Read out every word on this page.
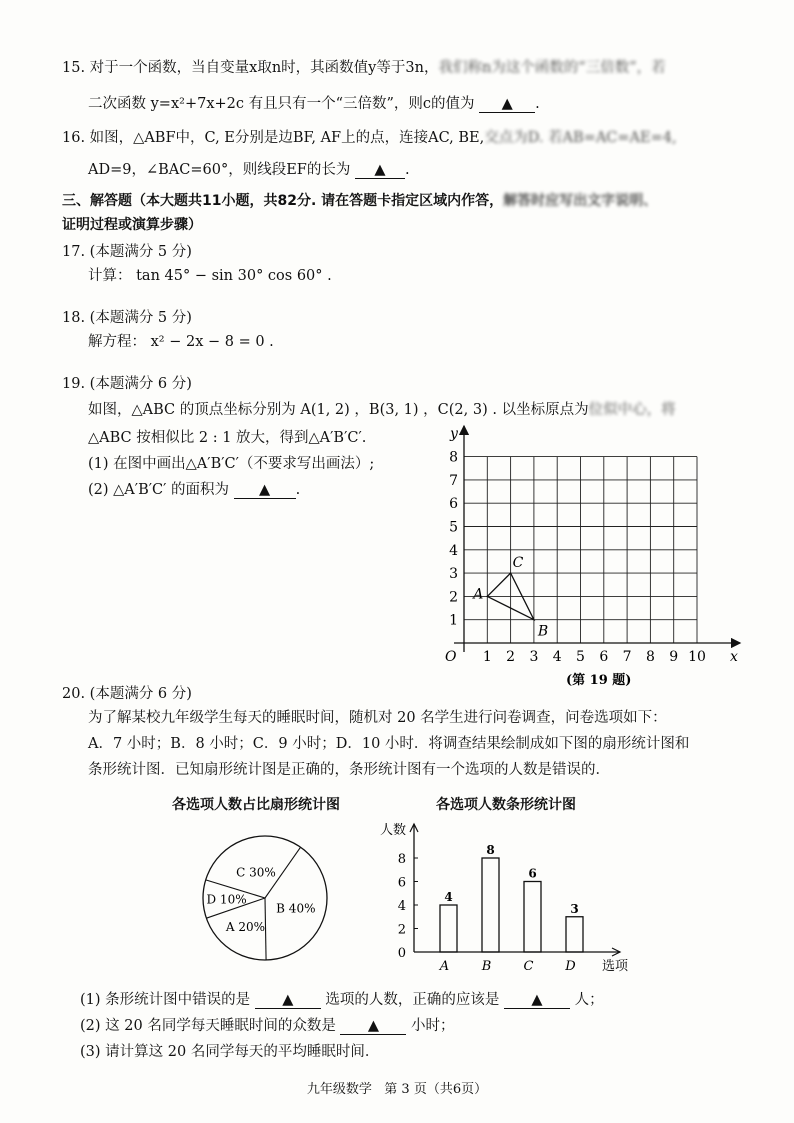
15. 对于一个函数，当自变量x取n时，其函数值y等于3n，我们称n为这个函数的“三倍数”，若
二次函数 y=x²+7x+2c 有且只有一个“三倍数”，则c的值为 ▲ .
16. 如图，△ABF中，C, E分别是边BF, AF上的点，连接AC, BE,交点为D. 若AB=AC=AE=4,
AD=9，∠BAC=60°，则线段EF的长为 ▲ .
三、解答题（本大题共11小题，共82分. 请在答题卡指定区域内作答，解答时应写出文字说明、
证明过程或演算步骤）
17. (本题满分 5 分)
计算： tan 45° − sin 30° cos 60° .
18. (本题满分 5 分)
解方程： x² − 2x − 8 = 0 .
19. (本题满分 6 分)
如图，△ABC 的顶点坐标分别为 A(1, 2) ，B(3, 1) ，C(2, 3) . 以坐标原点为位似中心，将
△ABC 按相似比 2 : 1 放大，得到△A′B′C′.
(1) 在图中画出△A′B′C′（不要求写出画法）;
(2) △A′B′C′ 的面积为 ▲ .
y
x
O 1 2 3 4 5 6 7 8 9 10
1
2
3
4
5
6
7
8
A
B
C
(第 19 题)
20. (本题满分 6 分)
为了解某校九年级学生每天的睡眠时间，随机对 20 名学生进行问卷调查，问卷选项如下：
A．7 小时；B．8 小时；C．9 小时；D．10 小时．将调查结果绘制成如下图的扇形统计图和
条形统计图．已知扇形统计图是正确的，条形统计图有一个选项的人数是错误的．
各选项人数占比扇形统计图
B 40%
A 20%
D 10%
C 30%
各选项人数条形统计图
人数
选项
0
2
4
6
8
4
A
8
B
6
C
3
D
(1) 条形统计图中错误的是 ▲ 选项的人数，正确的应该是 ▲ 人；
(2) 这 20 名同学每天睡眠时间的众数是 ▲ 小时；
(3) 请计算这 20 名同学每天的平均睡眠时间．
九年级数学   第 3 页（共6页）
